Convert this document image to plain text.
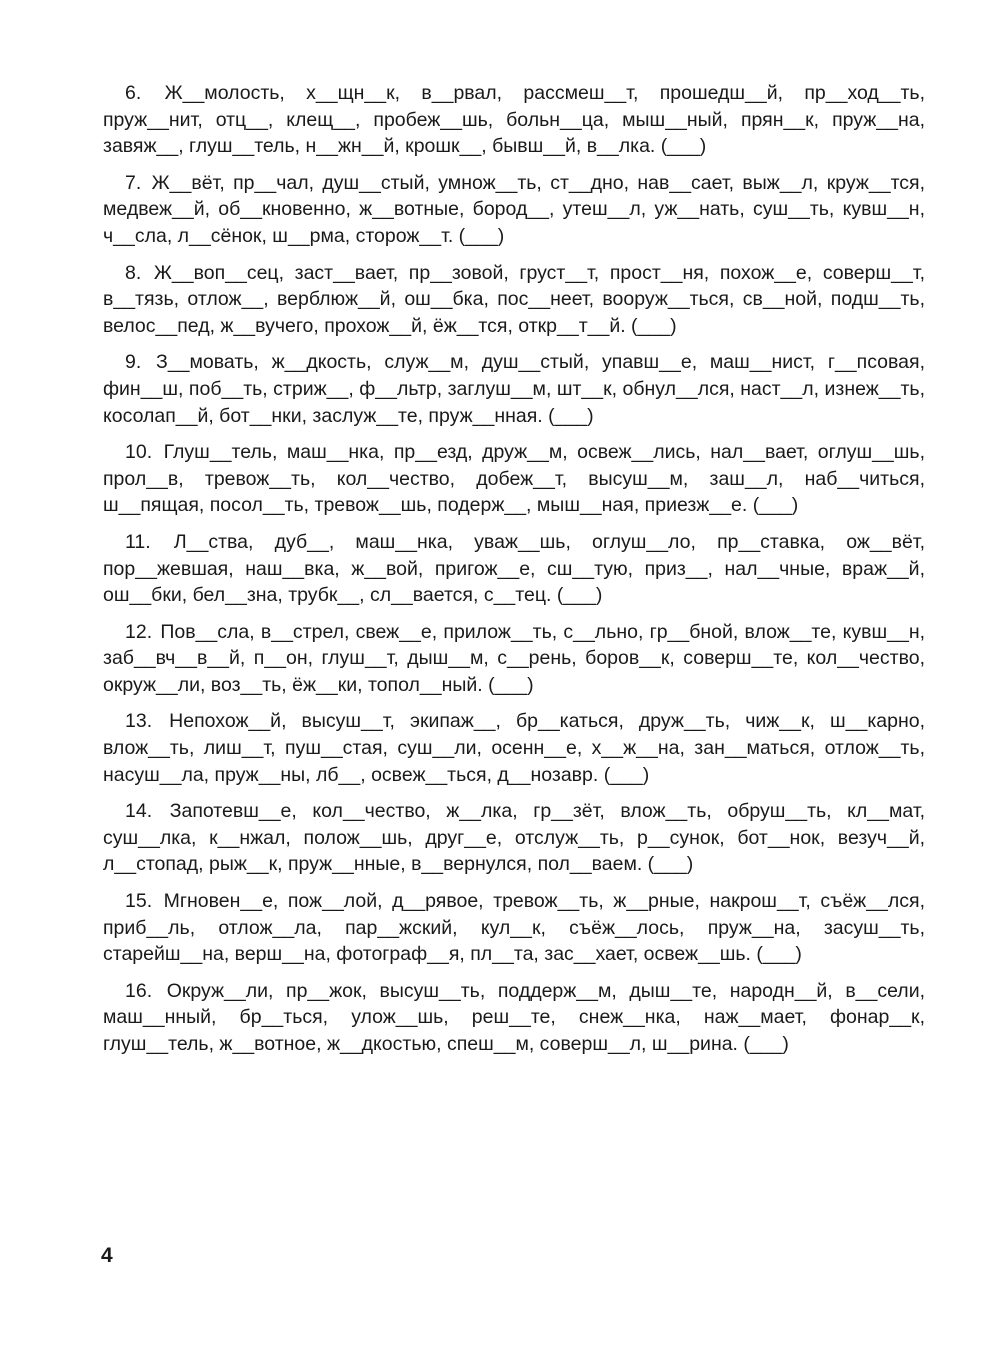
6. Ж__молость, х__щн__к, в__рвал, рассмеш__т, прошедш__й, пр__ход__ть, пруж__нит, отц__, клещ__, пробеж__шь, больн__ца, мыш__ный, прян__к, пруж__на, завяж__, глуш__тель, н__жн__й, крошк__, бывш__й, в__лка. (___)

7. Ж__вёт, пр__чал, душ__стый, умнож__ть, ст__дно, нав__сает, выж__л, круж__тся, медвеж__й, об__кновенно, ж__вотные, бород__, утеш__л, уж__нать, суш__ть, кувш__н, ч__сла, л__сёнок, ш__рма, сторож__т. (___)

8. Ж__воп__сец, заст__вает, пр__зовой, груст__т, прост__ня, похож__е, соверш__т, в__тязь, отлож__, верблюж__й, ош__бка, пос__неет, вооруж__ться, св__ной, подш__ть, велос__пед, ж__вучего, прохож__й, ёж__тся, откр__т__й. (___)

9. З__мовать, ж__дкость, служ__м, душ__стый, упавш__е, маш__нист, г__псовая, фин__ш, поб__ть, стриж__, ф__льтр, заглуш__м, шт__к, обнул__лся, наст__л, изнеж__ть, косолап__й, бот__нки, заслуж__те, пруж__нная. (___)

10. Глуш__тель, маш__нка, пр__езд, друж__м, освеж__лись, нал__вает, оглуш__шь, прол__в, тревож__ть, кол__чество, добеж__т, высуш__м, заш__л, наб__читься, ш__пящая, посол__ть, тревож__шь, подерж__, мыш__ная, приезж__е. (___)

11. Л__ства, дуб__, маш__нка, уваж__шь, оглуш__ло, пр__ставка, ож__вёт, пор__жевшая, наш__вка, ж__вой, пригож__е, сш__тую, приз__, нал__чные, враж__й, ош__бки, бел__зна, трубк__, сл__вается, с__тец. (___)

12. Пов__сла, в__стрел, свеж__е, прилож__ть, с__льно, гр__бной, влож__те, кувш__н, заб__вч__в__й, п__он, глуш__т, дыш__м, с__рень, боров__к, соверш__те, кол__чество, окруж__ли, воз__ть, ёж__ки, топол__ный. (___)

13. Непохож__й, высуш__т, экипаж__, бр__каться, друж__ть, чиж__к, ш__карно, влож__ть, лиш__т, пуш__стая, суш__ли, осенн__е, х__ж__на, зан__маться, отлож__ть, насуш__ла, пруж__ны, лб__, освеж__ться, д__нозавр. (___)

14. Запотевш__е, кол__чество, ж__лка, гр__зёт, влож__ть, обруш__ть, кл__мат, суш__лка, к__нжал, полож__шь, друг__е, отслуж__ть, р__сунок, бот__нок, везуч__й, л__стопад, рыж__к, пруж__нные, в__вернулся, пол__ваем. (___)

15. Мгновен__е, пож__лой, д__рявое, тревож__ть, ж__рные, накрош__т, съёж__лся, приб__ль, отлож__ла, пар__жский, кул__к, съёж__лось, пруж__на, засуш__ть, старейш__на, верш__на, фотограф__я, пл__та, зас__хает, освеж__шь. (___)

16. Окруж__ли, пр__жок, высуш__ть, поддерж__м, дыш__те, народн__й, в__сели, маш__нный, бр__ться, улож__шь, реш__те, снеж__нка, наж__мает, фонар__к, глуш__тель, ж__вотное, ж__дкостью, спеш__м, соверш__л, ш__рина. (___)

4
